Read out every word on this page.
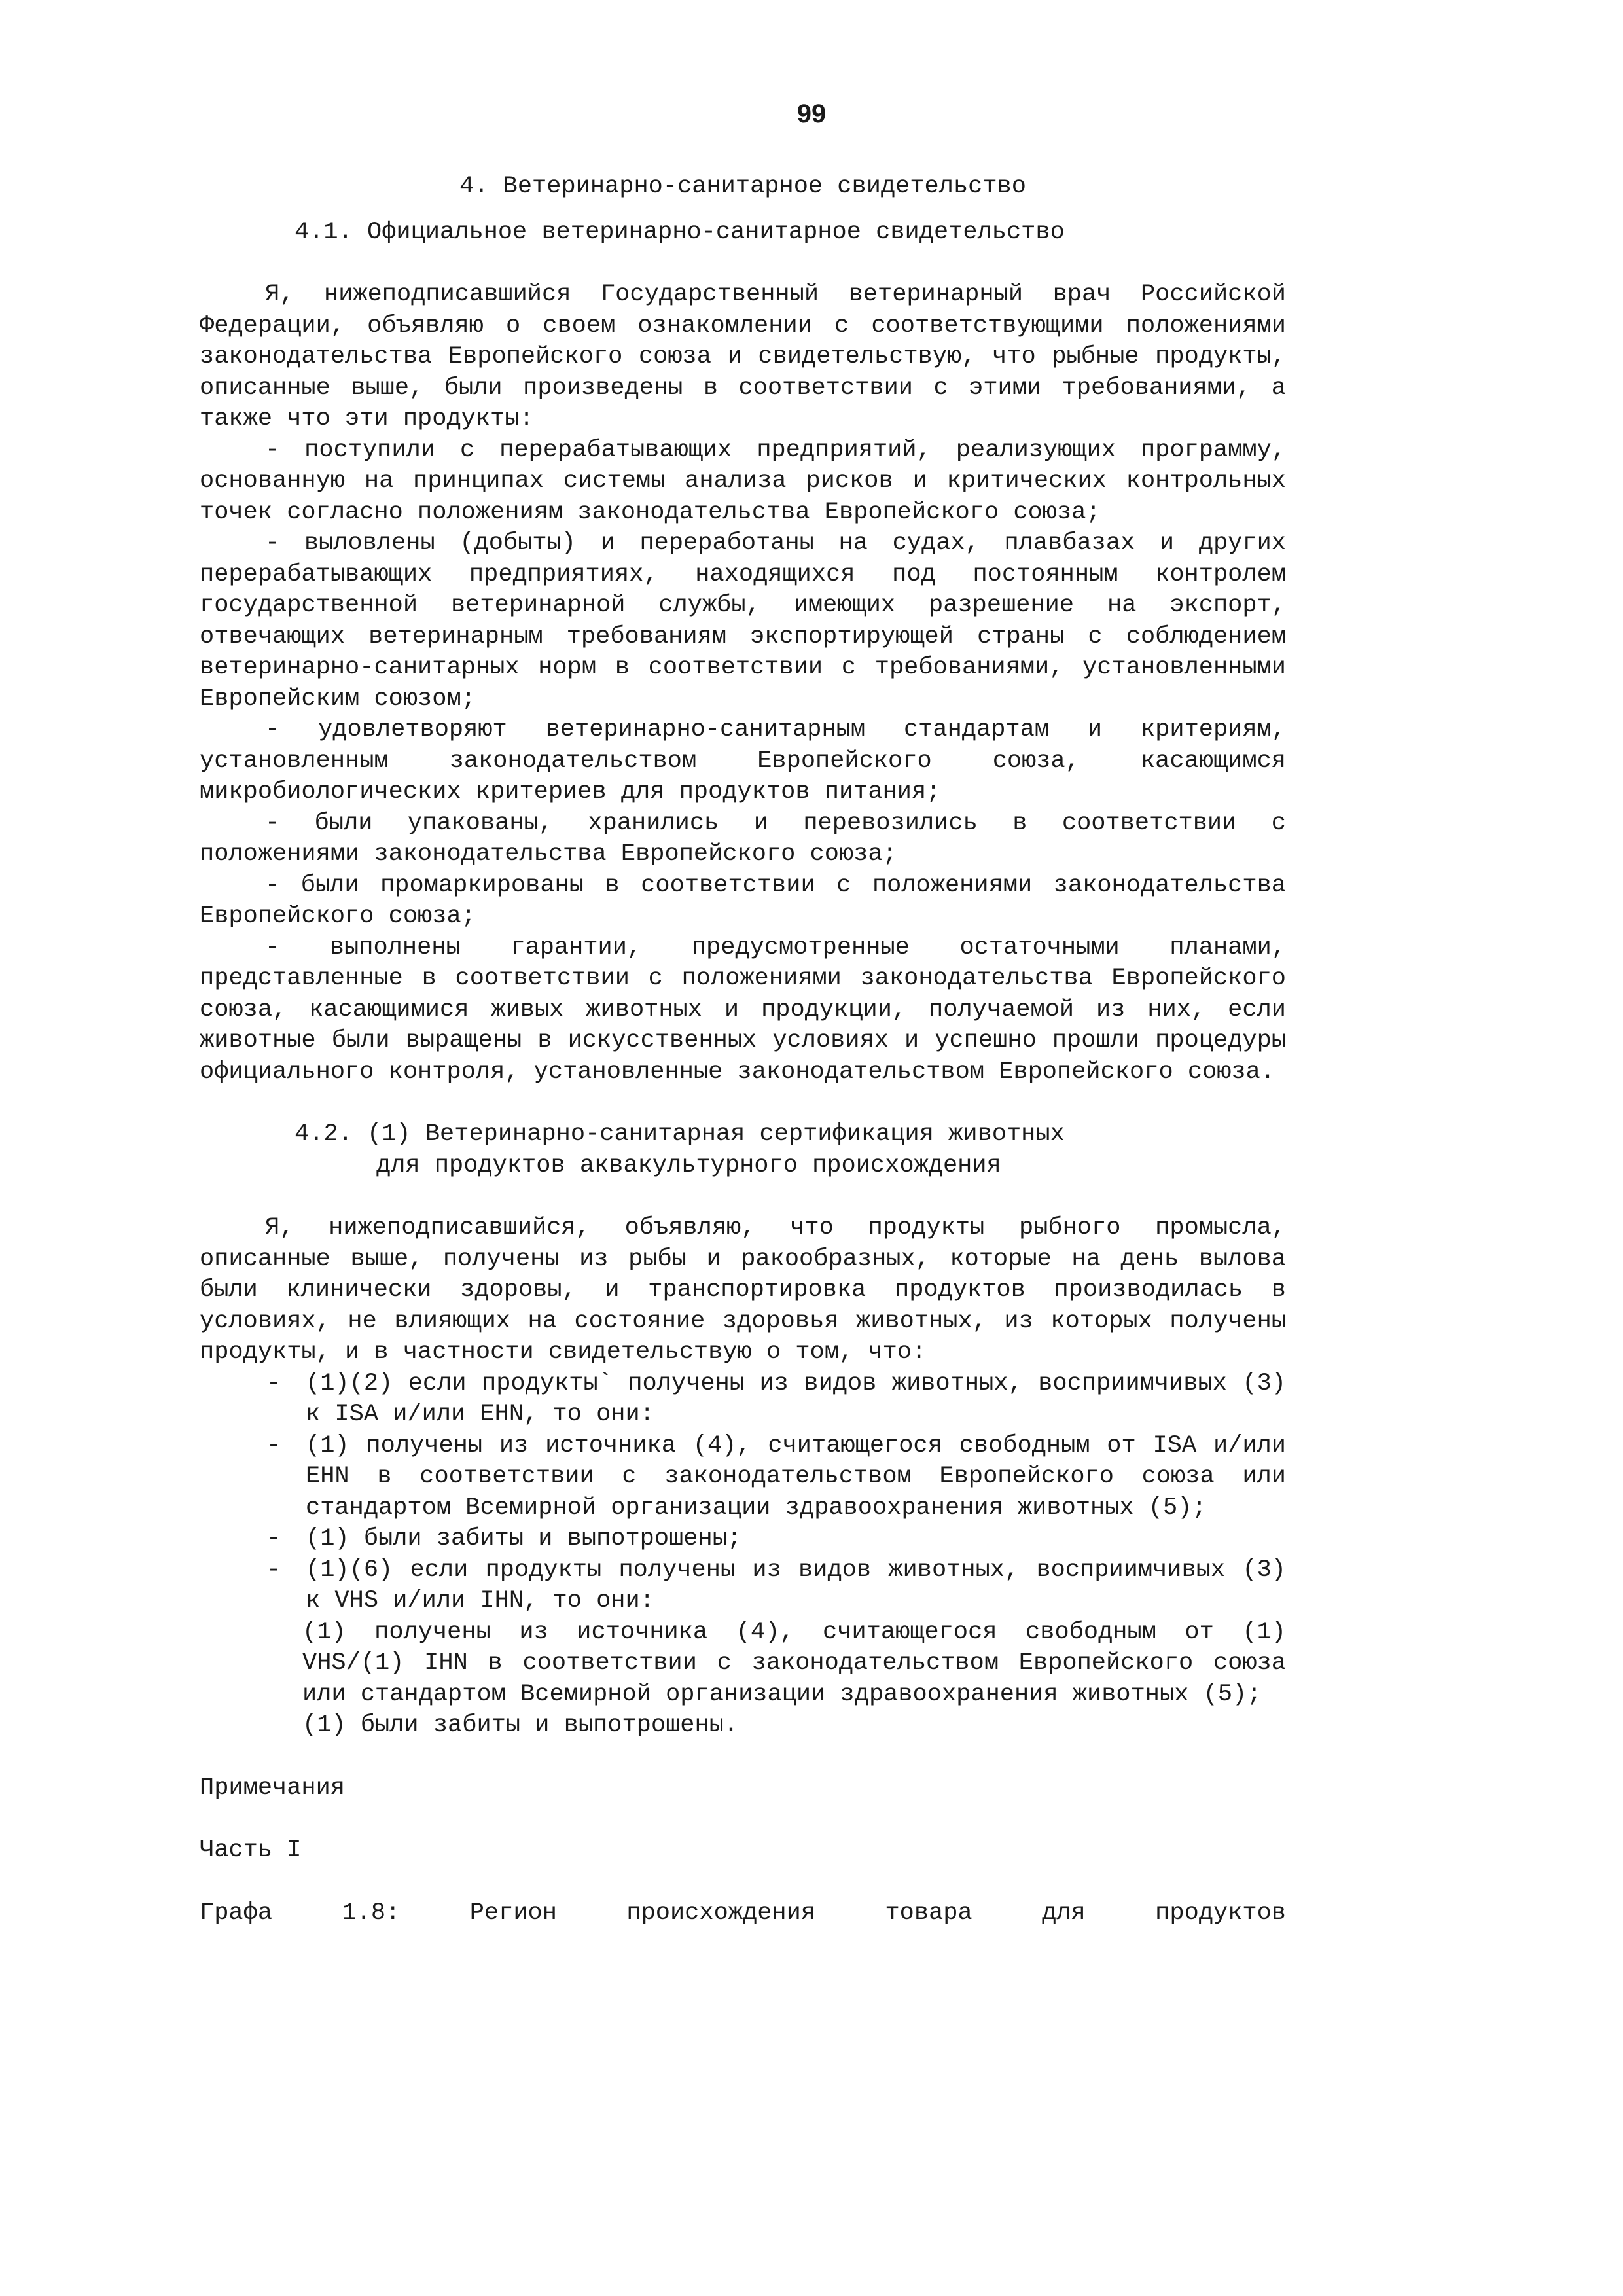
99
4. Ветеринарно-санитарное свидетельство
4.1. Официальное ветеринарно-санитарное свидетельство
Я, нижеподписавшийся Государственный ветеринарный врач Российской Федерации, объявляю о своем ознакомлении с соответствующими положениями законодательства Европейского союза и свидетельствую, что рыбные продукты, описанные выше, были произведены в соответствии с этими требованиями, а также что эти продукты:
- поступили с перерабатывающих предприятий, реализующих программу, основанную на принципах системы анализа рисков и критических контрольных точек согласно положениям законодательства Европейского союза;
- выловлены (добыты) и переработаны на судах, плавбазах и других перерабатывающих предприятиях, находящихся под постоянным контролем государственной ветеринарной службы, имеющих разрешение на экспорт, отвечающих ветеринарным требованиям экспортирующей страны с соблюдением ветеринарно-санитарных норм в соответствии с требованиями, установленными Европейским союзом;
- удовлетворяют ветеринарно-санитарным стандартам и критериям, установленным законодательством Европейского союза, касающимся микробиологических критериев для продуктов питания;
- были упакованы, хранились и перевозились в соответствии с положениями законодательства Европейского союза;
- были промаркированы в соответствии с положениями законодательства Европейского союза;
- выполнены гарантии, предусмотренные остаточными планами, представленные в соответствии с положениями законодательства Европейского союза, касающимися живых животных и продукции, получаемой из них, если животные были выращены в искусственных условиях и успешно прошли процедуры официального контроля, установленные законодательством Европейского союза.
4.2. (1) Ветеринарно-санитарная сертификация животных
для продуктов аквакультурного происхождения
Я, нижеподписавшийся, объявляю, что продукты рыбного промысла, описанные выше, получены из рыбы и ракообразных, которые на день вылова были клинически здоровы, и транспортировка продуктов производилась в условиях, не влияющих на состояние здоровья животных, из которых получены продукты, и в частности свидетельствую о том, что:
-	(1)(2) если продукты` получены из видов животных, восприимчивых (3) к ISA и/или EHN, то они:
-	(1) получены из источника (4), считающегося свободным от ISA и/или EHN в соответствии с законодательством Европейского союза или стандартом Всемирной организации здравоохранения животных (5);
-	(1) были забиты и выпотрошены;
-	(1)(6) если продукты получены из видов животных, восприимчивых (3) к VHS и/или IHN, то они:
(1) получены из источника (4), считающегося свободным от (1) VHS/(1) IHN в соответствии с законодательством Европейского союза или стандартом Всемирной организации здравоохранения животных (5);
(1) были забиты и выпотрошены.
Примечания
Часть I
Графа 1.8: Регион происхождения товара для продуктов
